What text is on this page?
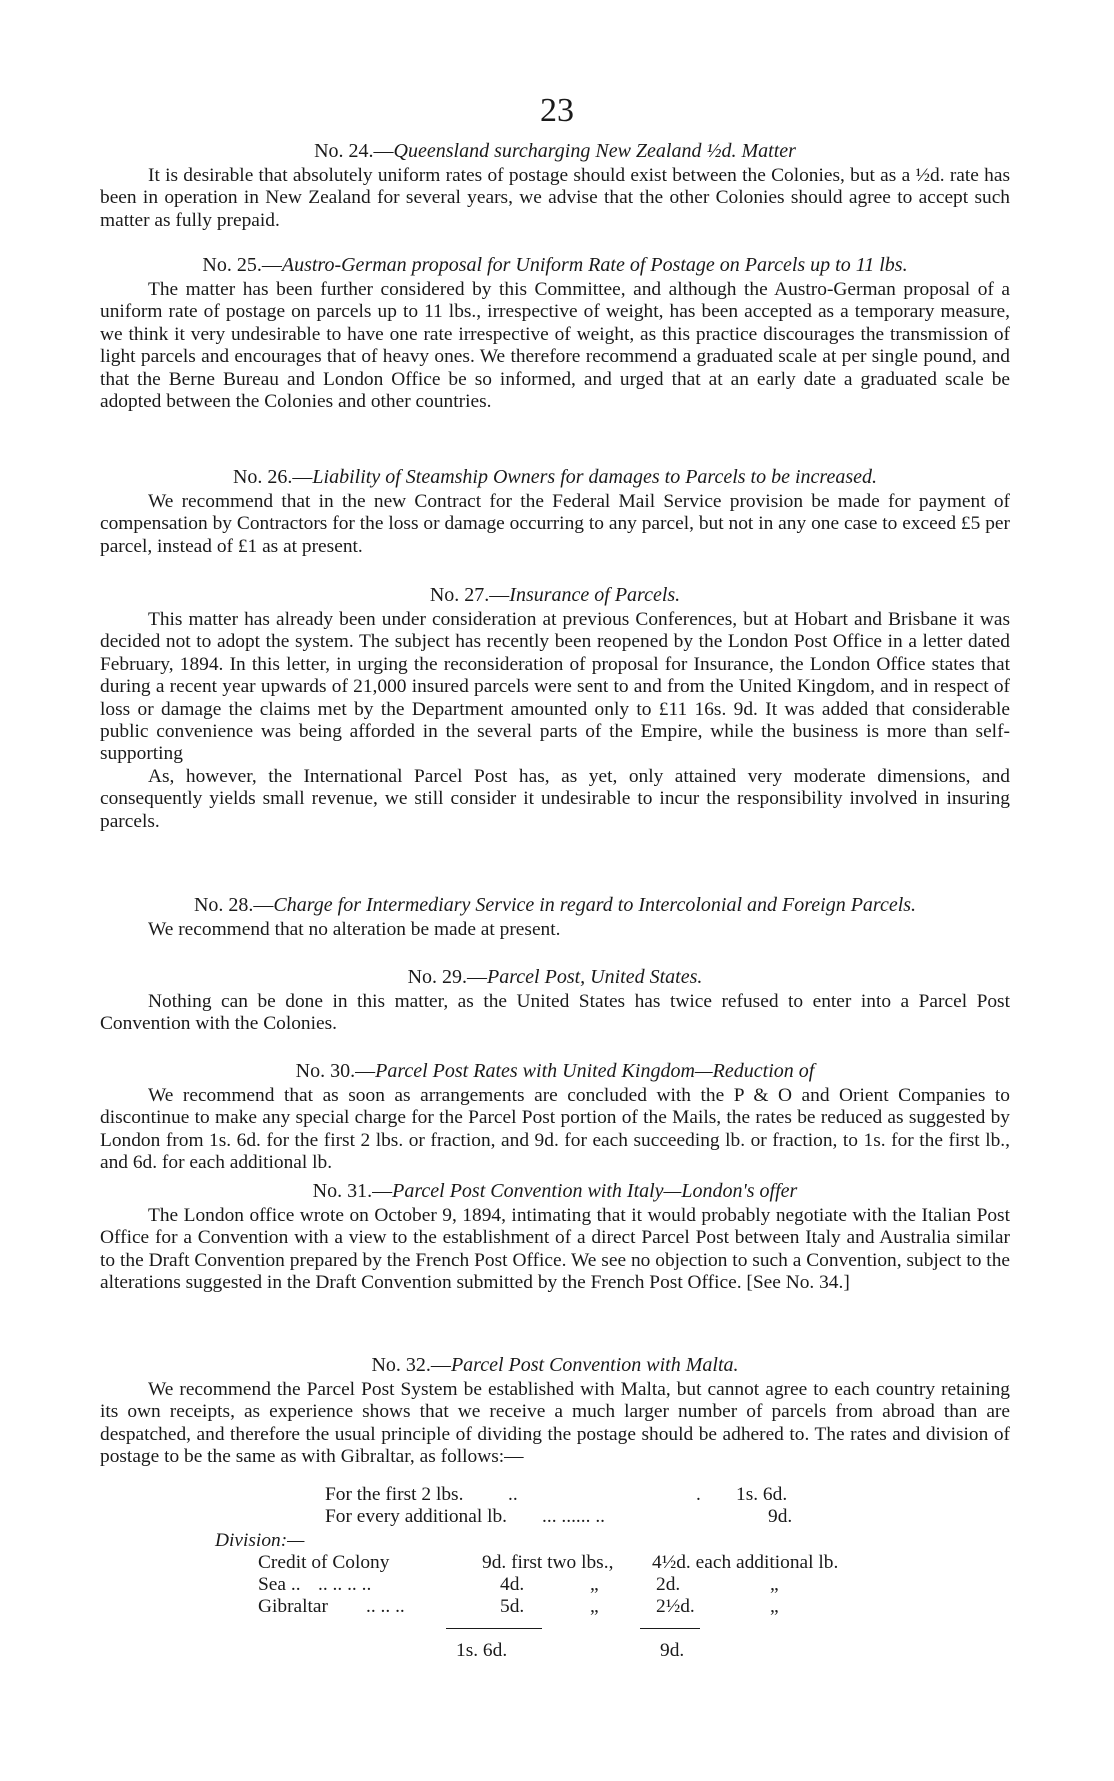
23
No. 24.—Queensland surcharging New Zealand ½d. Matter
It is desirable that absolutely uniform rates of postage should exist between the Colonies, but as a ½d. rate has been in operation in New Zealand for several years, we advise that the other Colonies should agree to accept such matter as fully prepaid.
No. 25.—Austro-German proposal for Uniform Rate of Postage on Parcels up to 11 lbs.
The matter has been further considered by this Committee, and although the Austro-German proposal of a uniform rate of postage on parcels up to 11 lbs., irrespective of weight, has been accepted as a temporary measure, we think it very undesirable to have one rate irrespective of weight, as this practice discourages the transmission of light parcels and encourages that of heavy ones. We therefore recommend a graduated scale at per single pound, and that the Berne Bureau and London Office be so informed, and urged that at an early date a graduated scale be adopted between the Colonies and other countries.
No. 26.—Liability of Steamship Owners for damages to Parcels to be increased.
We recommend that in the new Contract for the Federal Mail Service provision be made for payment of compensation by Contractors for the loss or damage occurring to any parcel, but not in any one case to exceed £5 per parcel, instead of £1 as at present.
No. 27.—Insurance of Parcels.
This matter has already been under consideration at previous Conferences, but at Hobart and Brisbane it was decided not to adopt the system. The subject has recently been reopened by the London Post Office in a letter dated February, 1894. In this letter, in urging the reconsideration of proposal for Insurance, the London Office states that during a recent year upwards of 21,000 insured parcels were sent to and from the United Kingdom, and in respect of loss or damage the claims met by the Department amounted only to £11 16s. 9d. It was added that considerable public convenience was being afforded in the several parts of the Empire, while the business is more than self-supporting
As, however, the International Parcel Post has, as yet, only attained very moderate dimensions, and consequently yields small revenue, we still consider it undesirable to incur the responsibility involved in insuring parcels.
No. 28.—Charge for Intermediary Service in regard to Intercolonial and Foreign Parcels.
We recommend that no alteration be made at present.
No. 29.—Parcel Post, United States.
Nothing can be done in this matter, as the United States has twice refused to enter into a Parcel Post Convention with the Colonies.
No. 30.—Parcel Post Rates with United Kingdom—Reduction of
We recommend that as soon as arrangements are concluded with the P & O and Orient Companies to discontinue to make any special charge for the Parcel Post portion of the Mails, the rates be reduced as suggested by London from 1s. 6d. for the first 2 lbs. or fraction, and 9d. for each succeeding lb. or fraction, to 1s. for the first lb., and 6d. for each additional lb.
No. 31.—Parcel Post Convention with Italy—London's offer
The London office wrote on October 9, 1894, intimating that it would probably negotiate with the Italian Post Office for a Convention with a view to the establishment of a direct Parcel Post between Italy and Australia similar to the Draft Convention prepared by the French Post Office. We see no objection to such a Convention, subject to the alterations suggested in the Draft Convention submitted by the French Post Office. [See No. 34.]
No. 32.—Parcel Post Convention with Malta.
We recommend the Parcel Post System be established with Malta, but cannot agree to each country retaining its own receipts, as experience shows that we receive a much larger number of parcels from abroad than are despatched, and therefore the usual principle of dividing the postage should be adhered to. The rates and division of postage to be the same as with Gibraltar, as follows:—
For the first 2 lbs. ..	. 1s. 6d.
For every additional lb. ... ...... ..	9d.
Division:—
Credit of Colony	9d. first two lbs., 4½d. each additional lb.
Sea .. .. .. .. ..	4d.	„	2d.	„
Gibraltar .. .. ..	5d.	„	2½d.	„
1s. 6d.	9d.
